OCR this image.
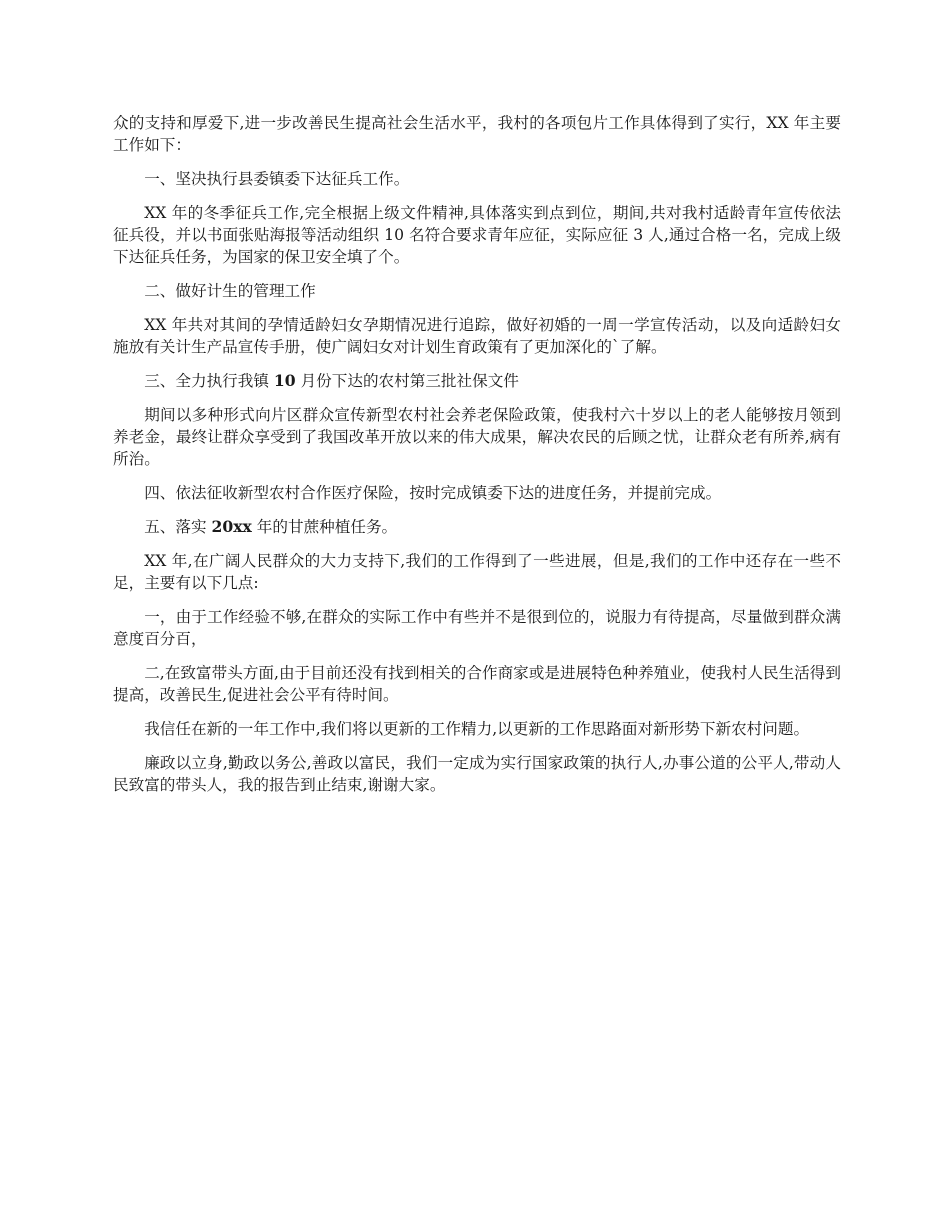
众的支持和厚爱下,进一步改善民生提高社会生活水平，我村的各项包片工作具体得到了实行，XX 年主要工作如下：

一、坚决执行县委镇委下达征兵工作。

XX 年的冬季征兵工作,完全根据上级文件精神,具体落实到点到位，期间,共对我村适龄青年宣传依法征兵役，并以书面张贴海报等活动组织 10 名符合要求青年应征，实际应征 3 人,通过合格一名，完成上级下达征兵任务，为国家的保卫安全填了个。

二、做好计生的管理工作

XX 年共对其间的孕情适龄妇女孕期情况进行追踪，做好初婚的一周一学宣传活动，以及向适龄妇女施放有关计生产品宣传手册，使广阔妇女对计划生育政策有了更加深化的`了解。

三、全力执行我镇 10 月份下达的农村第三批社保文件

期间以多种形式向片区群众宣传新型农村社会养老保险政策，使我村六十岁以上的老人能够按月领到养老金，最终让群众享受到了我国改革开放以来的伟大成果，解决农民的后顾之忧，让群众老有所养,病有所治。

四、依法征收新型农村合作医疗保险，按时完成镇委下达的进度任务，并提前完成。

五、落实 20xx 年的甘蔗种植任务。

XX 年,在广阔人民群众的大力支持下,我们的工作得到了一些进展，但是,我们的工作中还存在一些不足，主要有以下几点:

一，由于工作经验不够,在群众的实际工作中有些并不是很到位的，说服力有待提高，尽量做到群众满意度百分百，

二,在致富带头方面,由于目前还没有找到相关的合作商家或是进展特色种养殖业，使我村人民生活得到提高，改善民生,促进社会公平有待时间。

我信任在新的一年工作中,我们将以更新的工作精力,以更新的工作思路面对新形势下新农村问题。

廉政以立身,勤政以务公,善政以富民，我们一定成为实行国家政策的执行人,办事公道的公平人,带动人民致富的带头人，我的报告到止结束,谢谢大家。
